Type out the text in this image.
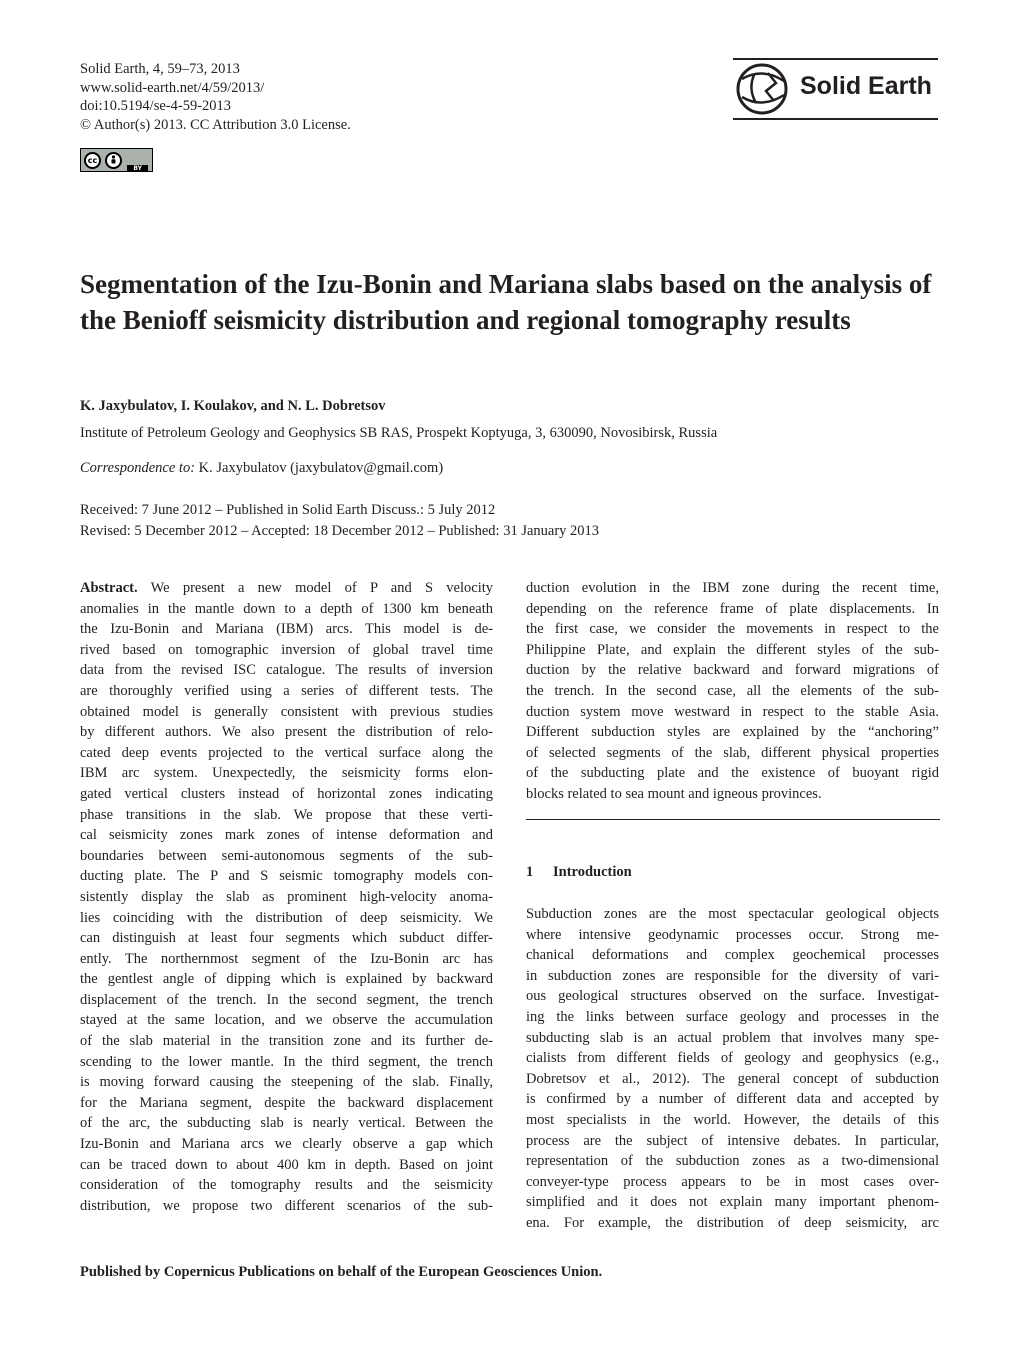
Solid Earth, 4, 59–73, 2013
www.solid-earth.net/4/59/2013/
doi:10.5194/se-4-59-2013
© Author(s) 2013. CC Attribution 3.0 License.
cc
BY
Solid Earth
Segmentation of the Izu-Bonin and Mariana slabs based on the analysis of the Benioff seismicity distribution and regional tomography results
K. Jaxybulatov, I. Koulakov, and N. L. Dobretsov
Institute of Petroleum Geology and Geophysics SB RAS, Prospekt Koptyuga, 3, 630090, Novosibirsk, Russia
Correspondence to: K. Jaxybulatov (jaxybulatov@gmail.com)
Received: 7 June 2012 – Published in Solid Earth Discuss.: 5 July 2012
Revised: 5 December 2012 – Accepted: 18 December 2012 – Published: 31 January 2013
Abstract. We present a new model of P and S velocity
anomalies in the mantle down to a depth of 1300 km beneath
the Izu-Bonin and Mariana (IBM) arcs. This model is de-
rived based on tomographic inversion of global travel time
data from the revised ISC catalogue. The results of inversion
are thoroughly verified using a series of different tests. The
obtained model is generally consistent with previous studies
by different authors. We also present the distribution of relo-
cated deep events projected to the vertical surface along the
IBM arc system. Unexpectedly, the seismicity forms elon-
gated vertical clusters instead of horizontal zones indicating
phase transitions in the slab. We propose that these verti-
cal seismicity zones mark zones of intense deformation and
boundaries between semi-autonomous segments of the sub-
ducting plate. The P and S seismic tomography models con-
sistently display the slab as prominent high-velocity anoma-
lies coinciding with the distribution of deep seismicity. We
can distinguish at least four segments which subduct differ-
ently. The northernmost segment of the Izu-Bonin arc has
the gentlest angle of dipping which is explained by backward
displacement of the trench. In the second segment, the trench
stayed at the same location, and we observe the accumulation
of the slab material in the transition zone and its further de-
scending to the lower mantle. In the third segment, the trench
is moving forward causing the steepening of the slab. Finally,
for the Mariana segment, despite the backward displacement
of the arc, the subducting slab is nearly vertical. Between the
Izu-Bonin and Mariana arcs we clearly observe a gap which
can be traced down to about 400 km in depth. Based on joint
consideration of the tomography results and the seismicity
distribution, we propose two different scenarios of the sub-
duction evolution in the IBM zone during the recent time,
depending on the reference frame of plate displacements. In
the first case, we consider the movements in respect to the
Philippine Plate, and explain the different styles of the sub-
duction by the relative backward and forward migrations of
the trench. In the second case, all the elements of the sub-
duction system move westward in respect to the stable Asia.
Different subduction styles are explained by the “anchoring”
of selected segments of the slab, different physical properties
of the subducting plate and the existence of buoyant rigid
blocks related to sea mount and igneous provinces.
1 Introduction
Subduction zones are the most spectacular geological objects
where intensive geodynamic processes occur. Strong me-
chanical deformations and complex geochemical processes
in subduction zones are responsible for the diversity of vari-
ous geological structures observed on the surface. Investigat-
ing the links between surface geology and processes in the
subducting slab is an actual problem that involves many spe-
cialists from different fields of geology and geophysics (e.g.,
Dobretsov et al., 2012). The general concept of subduction
is confirmed by a number of different data and accepted by
most specialists in the world. However, the details of this
process are the subject of intensive debates. In particular,
representation of the subduction zones as a two-dimensional
conveyer-type process appears to be in most cases over-
simplified and it does not explain many important phenom-
ena. For example, the distribution of deep seismicity, arc
Published by Copernicus Publications on behalf of the European Geosciences Union.
